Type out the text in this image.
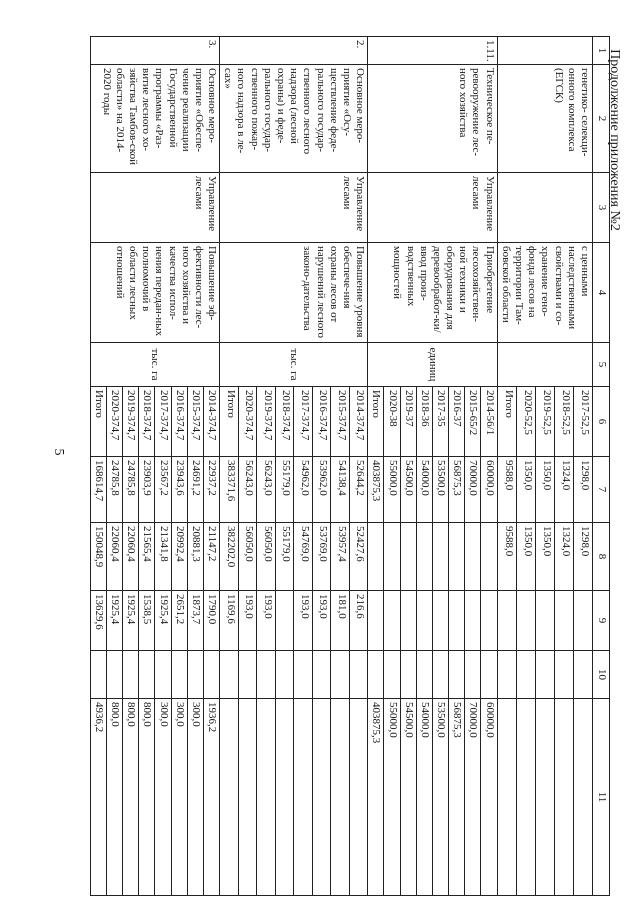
5
Продолжение приложения №2
1	2	3	4	5	6	7	8	9	10	11
	генетико- селекци-онного комплекса (ЕГСК)		с ценными наследственными свойствами и со-хранение гено-фонда лесов на территории Там-бовской области		2017-52,5	1298,0	1298,0			
					2018-52,5	1324,0	1324,0			
					2019-52,5	1350,0	1350,0			
					2020-52,5	1350,0	1350,0			
					Итого	9588,0	9588,0			
1.11.	Техническое пе-ревооружение лес-ного хозяйства	Управление лесами	Приобретение лесохозяйствен-ной техники и оборудования для деревообработ-ки/ввод произ-водственных мощностей	единиц	2014-56/1	60000,0				60000,0
					2015-65/2	70000,0				70000,0
					2016-37	56875,3				56875,3
					2017-35	53500,0				53500,0
					2018-36	54000,0				54000,0
					2019-37	54500,0				54500,0
					2020-38	55000,0				55000,0
					Итого	403875,3				403875,3
2.	Основное меро-приятие «Осу-ществление феде-рального государ-ственного лесного надзора (лесной охраны) и феде-рального государ-ственного пожар-ного надзора в ле-сах»	Управление лесами	Повышение уровня обеспече-ния охраны лесов от нарушений лесного законо-дательства	тыс. га	2014-374,7	52644,2	52427,6	216,6		
					2015-374,7	54138,4	53957,4	181,0		
					2016-374,7	53962,0	53769,0	193,0		
					2017-374,7	54962,0	54769,0	193,0		
					2018-374,7	55179,0	55179,0			
					2019-374,7	56243,0	56050,0	193,0		
					2020-374,7	56243,0	56050,0	193,0		
					Итого	383371,6	382202,0	1169,6		
3.	Основное меро-приятие «Обеспе-чение реализации Государственной программы «Раз-витие лесного хо-зяйства Тамбов-ской области» на 2014-2020 годы	Управление лесами	Повышение эф-фективности лес-ного хозяйства и качества испол-нения передан-ных полномочий в области лесных отношений	тыс. га	2014-374,7	22937,2	21147,2	1790,0		1936,2
					2015-374,7	24691,2	20881,3	1873,7		300,0
					2016-374,7	23943,6	20992,4	2651,2		300,0
					2017-374,7	23567,2	21341,8	1925,4		300,0
					2018-374,7	23903,9	21565,4	1538,5		800,0
					2019-374,7	24785,8	22060,4	1925,4		800,0
					2020-374,7	24785,8	22060,4	1925,4		800,0
					Итого	168614,7	150048,9	13629,6		4936,2
